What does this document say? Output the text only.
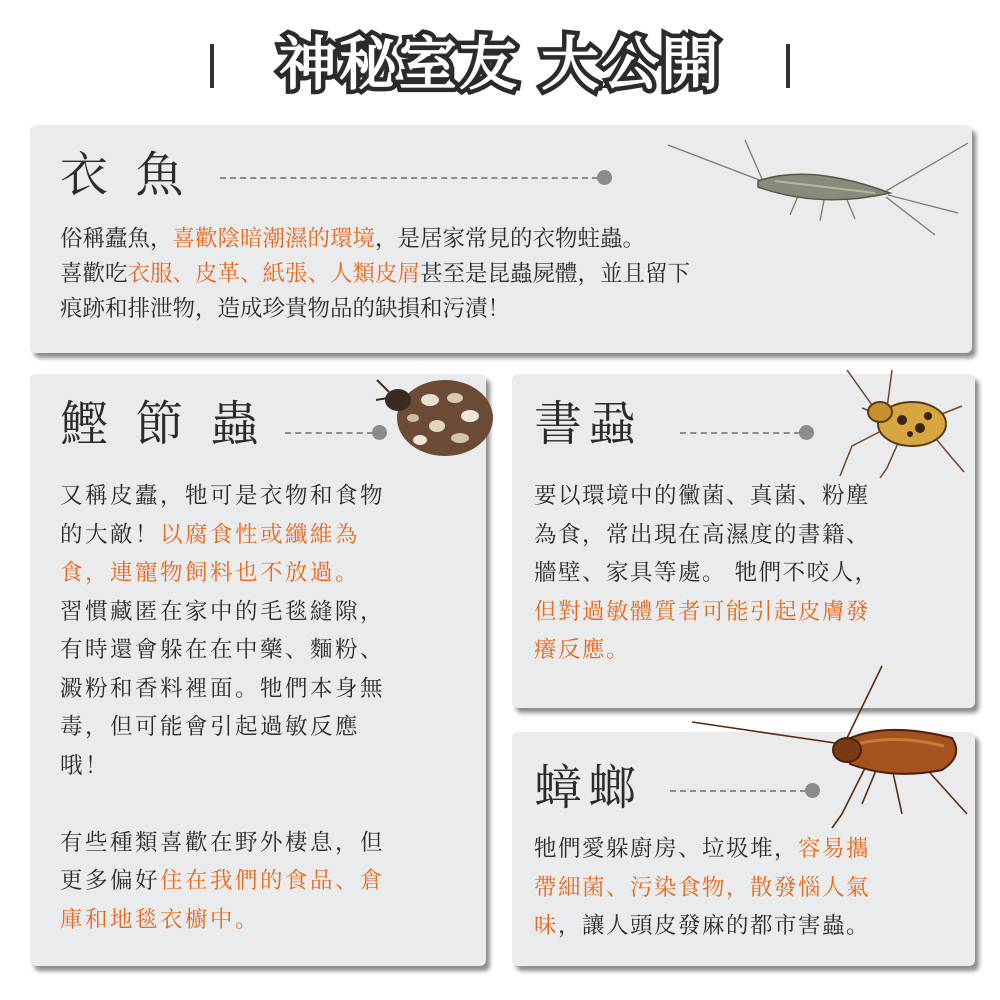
神秘室友 大公開
衣 魚
俗稱蠹魚，喜歡陰暗潮濕的環境，是居家常見的衣物蛀蟲。
喜歡吃衣服、皮革、紙張、人類皮屑甚至是昆蟲屍體，並且留下
痕跡和排泄物，造成珍貴物品的缺損和污漬！
鰹 節 蟲
又稱皮蠹，牠可是衣物和食物
的大敵！以腐食性或纖維為
食，連寵物飼料也不放過。
習慣藏匿在家中的毛毯縫隙，
有時還會躲在在中藥、麵粉、
澱粉和香料裡面。牠們本身無
毒，但可能會引起過敏反應
哦！
有些種類喜歡在野外棲息，但
更多偏好住在我們的食品、倉
庫和地毯衣櫥中。
書蝨
要以環境中的黴菌、真菌、粉塵
為食，常出現在高濕度的書籍、
牆壁、家具等處。 牠們不咬人，
但對過敏體質者可能引起皮膚發
癢反應。
蟑螂
牠們愛躲廚房、垃圾堆，容易攜
帶細菌、污染食物，散發惱人氣
味，讓人頭皮發麻的都市害蟲。
